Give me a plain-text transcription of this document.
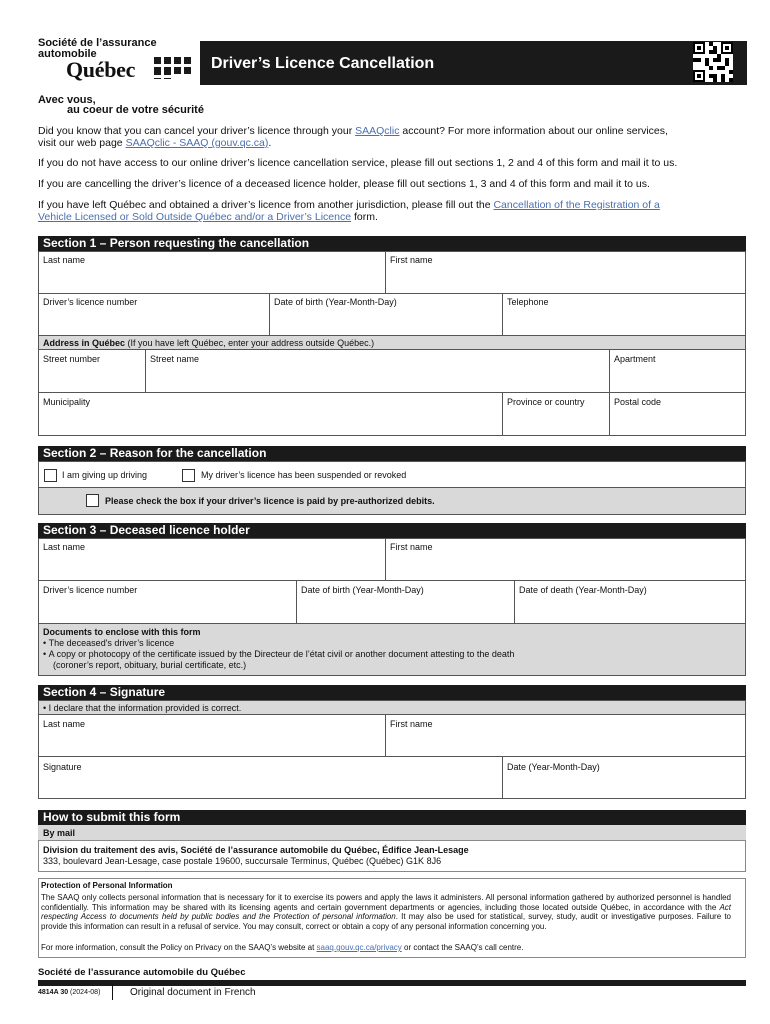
Société de l’assurance
automobile
Québec	Driver’s Licence Cancellation
Avec vous,
au coeur de votre sécurité
Did you know that you can cancel your driver’s licence through your SAAQclic account? For more information about our online services,
visit our web page SAAQclic - SAAQ (gouv.qc.ca).
If you do not have access to our online driver’s licence cancellation service, please fill out sections 1, 2 and 4 of this form and mail it to us.
If you are cancelling the driver’s licence of a deceased licence holder, please fill out sections 1, 3 and 4 of this form and mail it to us.
If you have left Québec and obtained a driver’s licence from another jurisdiction, please fill out the Cancellation of the Registration of a
Vehicle Licensed or Sold Outside Québec and/or a Driver’s Licence form.
Section 1 – Person requesting the cancellation
Last name	First name
Driver’s licence number	Date of birth (Year-Month-Day)	Telephone
Address in Québec (If you have left Québec, enter your address outside Québec.)
Street number	Street name	Apartment
Municipality	Province or country	Postal code
Section 2 – Reason for the cancellation
I am giving up driving	My driver’s licence has been suspended or revoked
Please check the box if your driver’s licence is paid by pre-authorized debits.
Section 3 – Deceased licence holder
Last name	First name
Driver’s licence number	Date of birth (Year-Month-Day)	Date of death (Year-Month-Day)
Documents to enclose with this form
• The deceased's driver’s licence
• A copy or photocopy of the certificate issued by the Directeur de l’état civil or another document attesting to the death
(coroner’s report, obituary, burial certificate, etc.)
Section 4 – Signature
• I declare that the information provided is correct.
Last name	First name
Signature	Date (Year-Month-Day)
How to submit this form
By mail
Division du traitement des avis, Société de l’assurance automobile du Québec, Édifice Jean-Lesage
333, boulevard Jean-Lesage, case postale 19600, succursale Terminus, Québec (Québec) G1K 8J6
Protection of Personal Information
The SAAQ only collects personal information that is necessary for it to exercise its powers and apply the laws it administers. All personal information gathered by authorized personnel is handled confidentially. This information may be shared with its licensing agents and certain government departments or agencies, including those located outside Québec, in accordance with the Act respecting Access to documents held by public bodies and the Protection of personal information. It may also be used for statistical, survey, study, audit or investigative purposes. Failure to provide this information can result in a refusal of service. You may consult, correct or obtain a copy of any personal information concerning you.
For more information, consult the Policy on Privacy on the SAAQ’s website at saaq.gouv.qc.ca/privacy or contact the SAAQ’s call centre.
Société de l’assurance automobile du Québec
4814A 30 (2024-08)	Original document in French
